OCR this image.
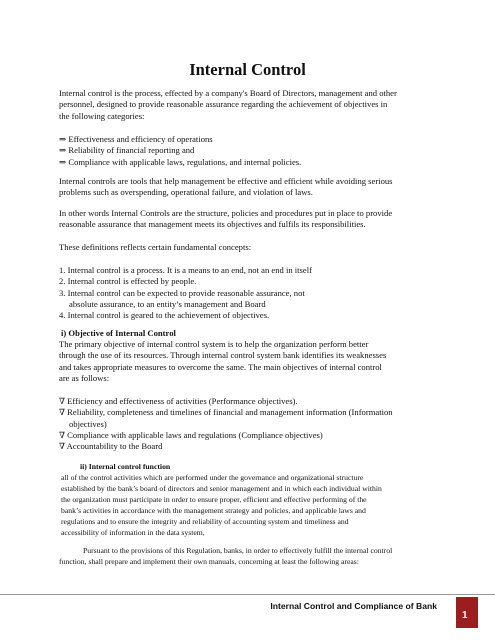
Internal Control

Internal control is the process, effected by a company's Board of Directors, management and other
personnel, designed to provide reasonable assurance regarding the achievement of objectives in
the following categories:

⇒ Effectiveness and efficiency of operations
⇒ Reliability of financial reporting and
⇒ Compliance with applicable laws, regulations, and internal policies.

Internal controls are tools that help management be effective and efficient while avoiding serious
problems such as overspending, operational failure, and violation of laws.

In other words Internal Controls are the structure, policies and procedures put in place to provide
reasonable assurance that management meets its objectives and fulfils its responsibilities.

These definitions reflects certain fundamental concepts:

1. Internal control is a process. It is a means to an end, not an end in itself
2. Internal control is effected by people.
3. Internal control can be expected to provide reasonable assurance, not
absolute assurance, to an entity’s management and Board
4. Internal control is geared to the achievement of objectives.

i) Objective of Internal Control

The primary objective of internal control system is to help the organization perform better
through the use of its resources. Through internal control system bank identifies its weaknesses
and takes appropriate measures to overcome the same. The main objectives of internal control
are as follows:

∇ Efficiency and effectiveness of activities (Performance objectives).
∇ Reliability, completeness and timelines of financial and management information (Information
objectives)
∇ Compliance with applicable laws and regulations (Compliance objectives)
∇ Accountability to the Board

ii) Internal control function

all of the control activities which are performed under the governance and organizational structure
established by the bank’s board of directors and senior management and in which each individual within
the organization must participate in order to ensure proper, efficient and effective performing of the
bank’s activities in accordance with the management strategy and policies, and applicable laws and
regulations and to ensure the integrity and reliability of accounting system and timeliness and
accessibility of information in the data system,

Pursuant to the provisions of this Regulation, banks, in order to effectively fulfill the internal control
function, shall prepare and implement their own manuals, concerning at least the following areas:

Internal Control and Compliance of Bank
1
